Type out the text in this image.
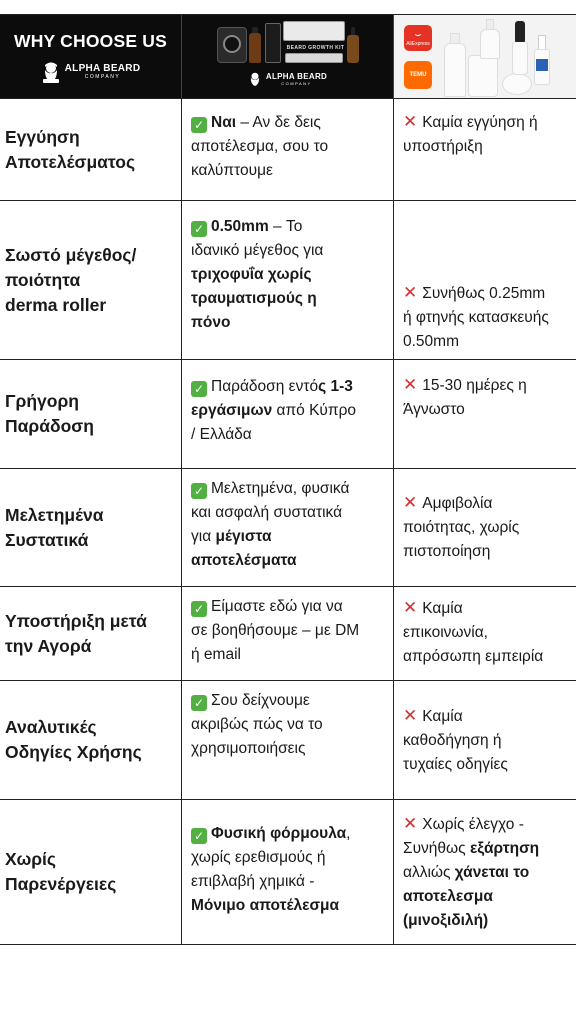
WHY CHOOSE US
ALPHA BEARD
COMPANY
BEARD GROWTH KIT
ALPHA BEARD
COMPANY
⌣
AliExpress
TEMU
Εγγύηση
Αποτελέσματος
✓ Ναι – Αν δε δεις
αποτέλεσμα, σου το
καλύπτουμε
✕ Καμία εγγύηση ή
υποστήριξη
Σωστό μέγεθος/
ποιότητα
derma roller
✓ 0.50mm – Το
ιδανικό μέγεθος για
τριχοφυΐα χωρίς
τραυματισμούς η
πόνο
✕ Συνήθως 0.25mm
ή φτηνής κατασκευής
0.50mm
Γρήγορη
Παράδοση
✓ Παράδοση εντός 1-3
εργάσιμων από Κύπρο
/ Ελλάδα
✕ 15-30 ημέρες η
Άγνωστο
Μελετημένα
Συστατικά
✓ Μελετημένα, φυσικά
και ασφαλή συστατικά
για μέγιστα
αποτελέσματα
✕ Αμφιβολία
ποιότητας, χωρίς
πιστοποίηση
Υποστήριξη μετά
την Αγορά
✓ Είμαστε εδώ για να
σε βοηθήσουμε – με DM
ή email
✕ Καμία
επικοινωνία,
απρόσωπη εμπειρία
Αναλυτικές
Οδηγίες Χρήσης
✓ Σου δείχνουμε
ακριβώς πώς να το
χρησιμοποιήσεις
✕ Καμία
καθοδήγηση ή
τυχαίες οδηγίες
Χωρίς
Παρενέργειες
✓ Φυσική φόρμουλα,
χωρίς ερεθισμούς ή
επιβλαβή χημικά -
Μόνιμο αποτέλεσμα
✕ Χωρίς έλεγχο -
Συνήθως εξάρτηση
αλλιώς χάνεται το
αποτελεσμα
(μινοξιδιλή)
